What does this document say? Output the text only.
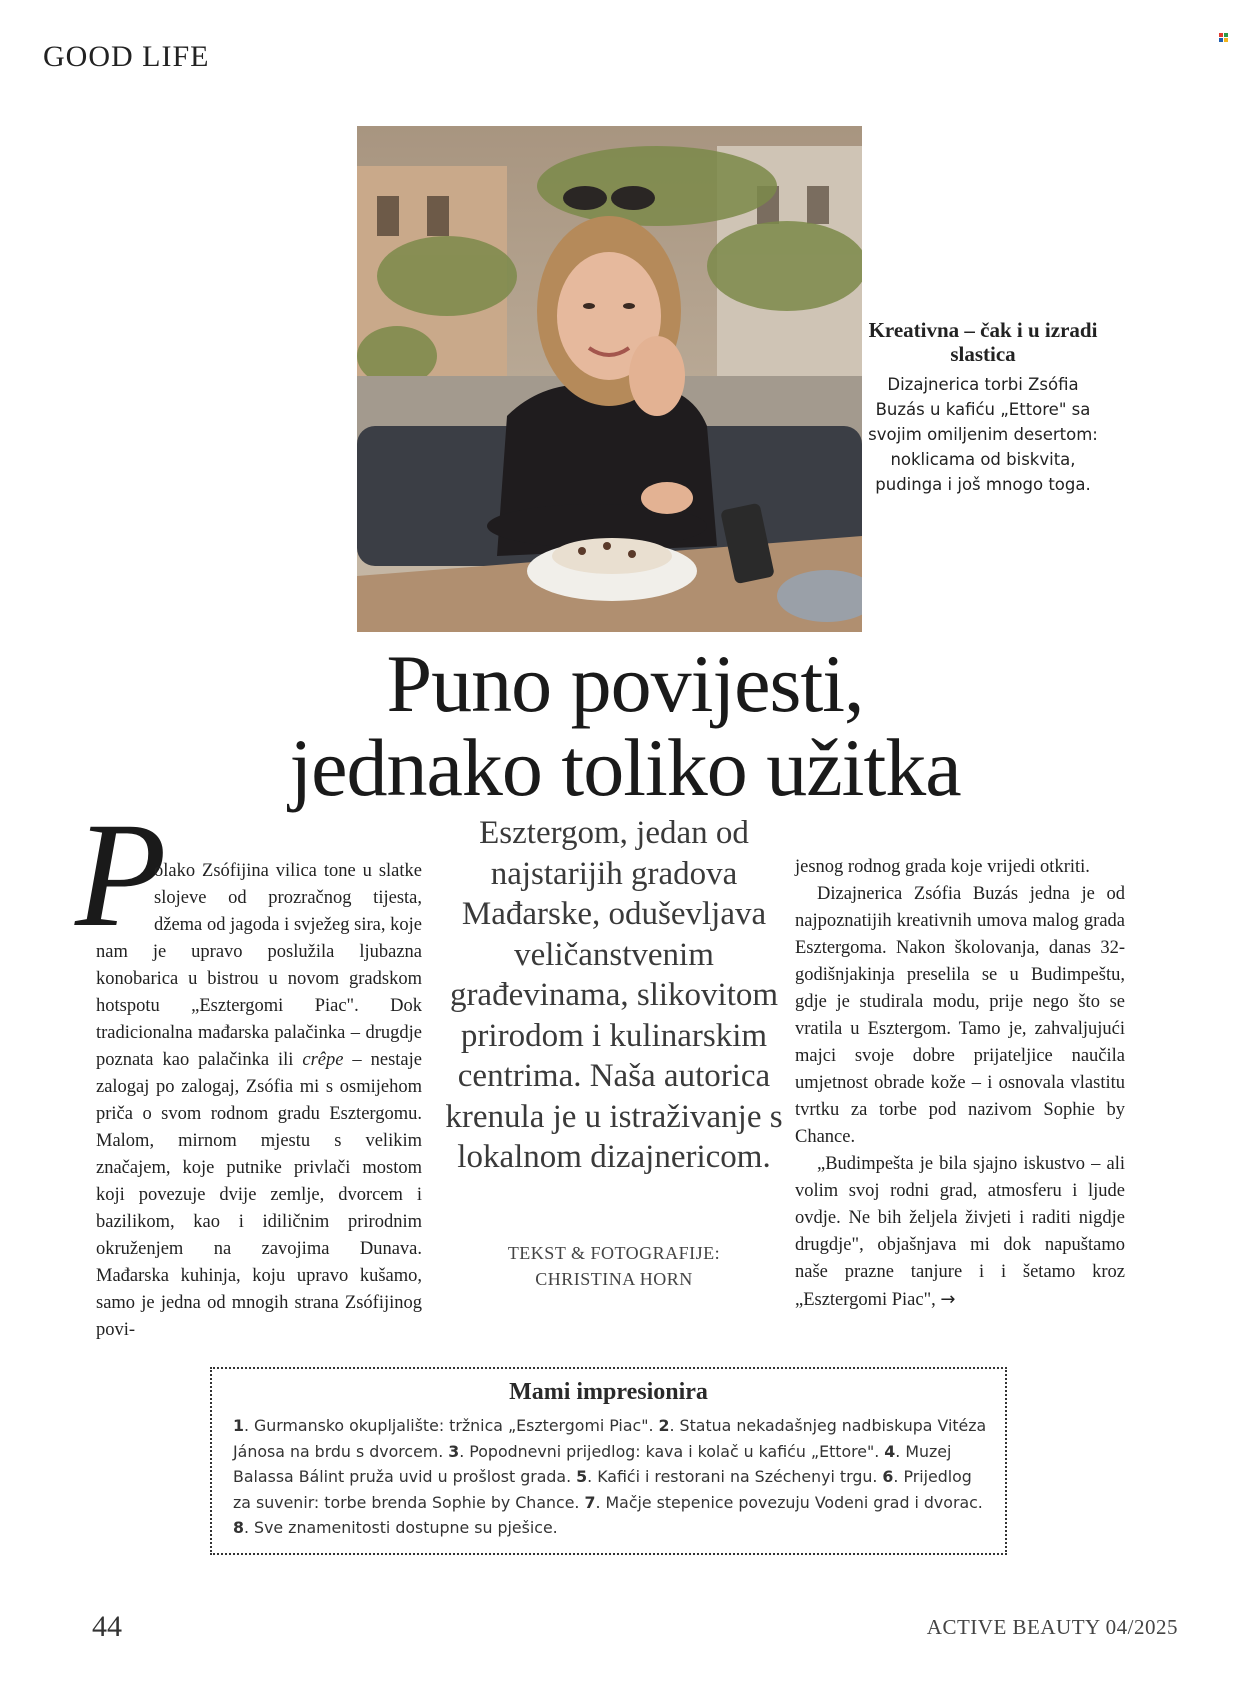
GOOD LIFE
Kreativna – čak i u izradi slastica
Dizajnerica torbi Zsófia Buzás u kafiću „Ettore" sa svojim omiljenim desertom: noklicama od biskvita, pudinga i još mnogo toga.
Puno povijesti,
jednako toliko užitka
P
olako Zsófijina vilica tone u slatke slojeve od prozračnog tijesta, džema od jagoda i svježeg sira, koje nam je upravo poslužila ljubazna konobarica u bistrou u novom gradskom hotspotu „Esztergomi Piac". Dok tradicionalna mađarska palačinka – drugdje poznata kao palačinka ili crêpe – nestaje zalogaj po zalogaj, Zsófia mi s osmijehom priča o svom rodnom gradu Esztergomu. Malom, mirnom mjestu s velikim značajem, koje putnike privlači mostom koji povezuje dvije zemlje, dvorcem i bazilikom, kao i idiličnim prirodnim okruženjem na zavojima Dunava. Mađarska kuhinja, koju upravo kušamo, samo je jedna od mnogih strana Zsófijinog povi-
Esztergom, jedan od najstarijih gradova Mađarske, oduševljava veličanstvenim građevinama, slikovitom prirodom i kulinarskim centrima. Naša autorica krenula je u istraživanje s lokalnom dizajnericom.
TEKST & FOTOGRAFIJE:
CHRISTINA HORN

jesnog rodnog grada koje vrijedi otkriti.

Dizajnerica Zsófia Buzás jedna je od najpoznatijih kreativnih umova malog grada Esztergoma. Nakon školovanja, danas 32-godišnjakinja preselila se u Budimpeštu, gdje je studirala modu, prije nego što se vratila u Esztergom. Tamo je, zahvaljujući majci svoje dobre prijateljice naučila umjetnost obrade kože – i osnovala vlastitu tvrtku za torbe pod nazivom Sophie by Chance.

„Budimpešta je bila sjajno iskustvo – ali volim svoj rodni grad, atmosferu i ljude ovdje. Ne bih željela živjeti i raditi nigdje drugdje", objašnjava mi dok napuštamo naše prazne tanjure i i šetamo kroz „Esztergomi Piac", →

Mami impresionira
1. Gurmansko okupljalište: tržnica „Esztergomi Piac". 2. Statua nekadašnjeg nadbiskupa Vitéza Jánosa na brdu s dvorcem. 3. Popodnevni prijedlog: kava i kolač u kafiću „Ettore". 4. Muzej Balassa Bálint pruža uvid u prošlost grada. 5. Kafići i restorani na Széchenyi trgu. 6. Prijedlog za suvenir: torbe brenda Sophie by Chance. 7. Mačje stepenice povezuju Vodeni grad i dvorac. 8. Sve znamenitosti dostupne su pješice.
44	ACTIVE BEAUTY 04/2025
